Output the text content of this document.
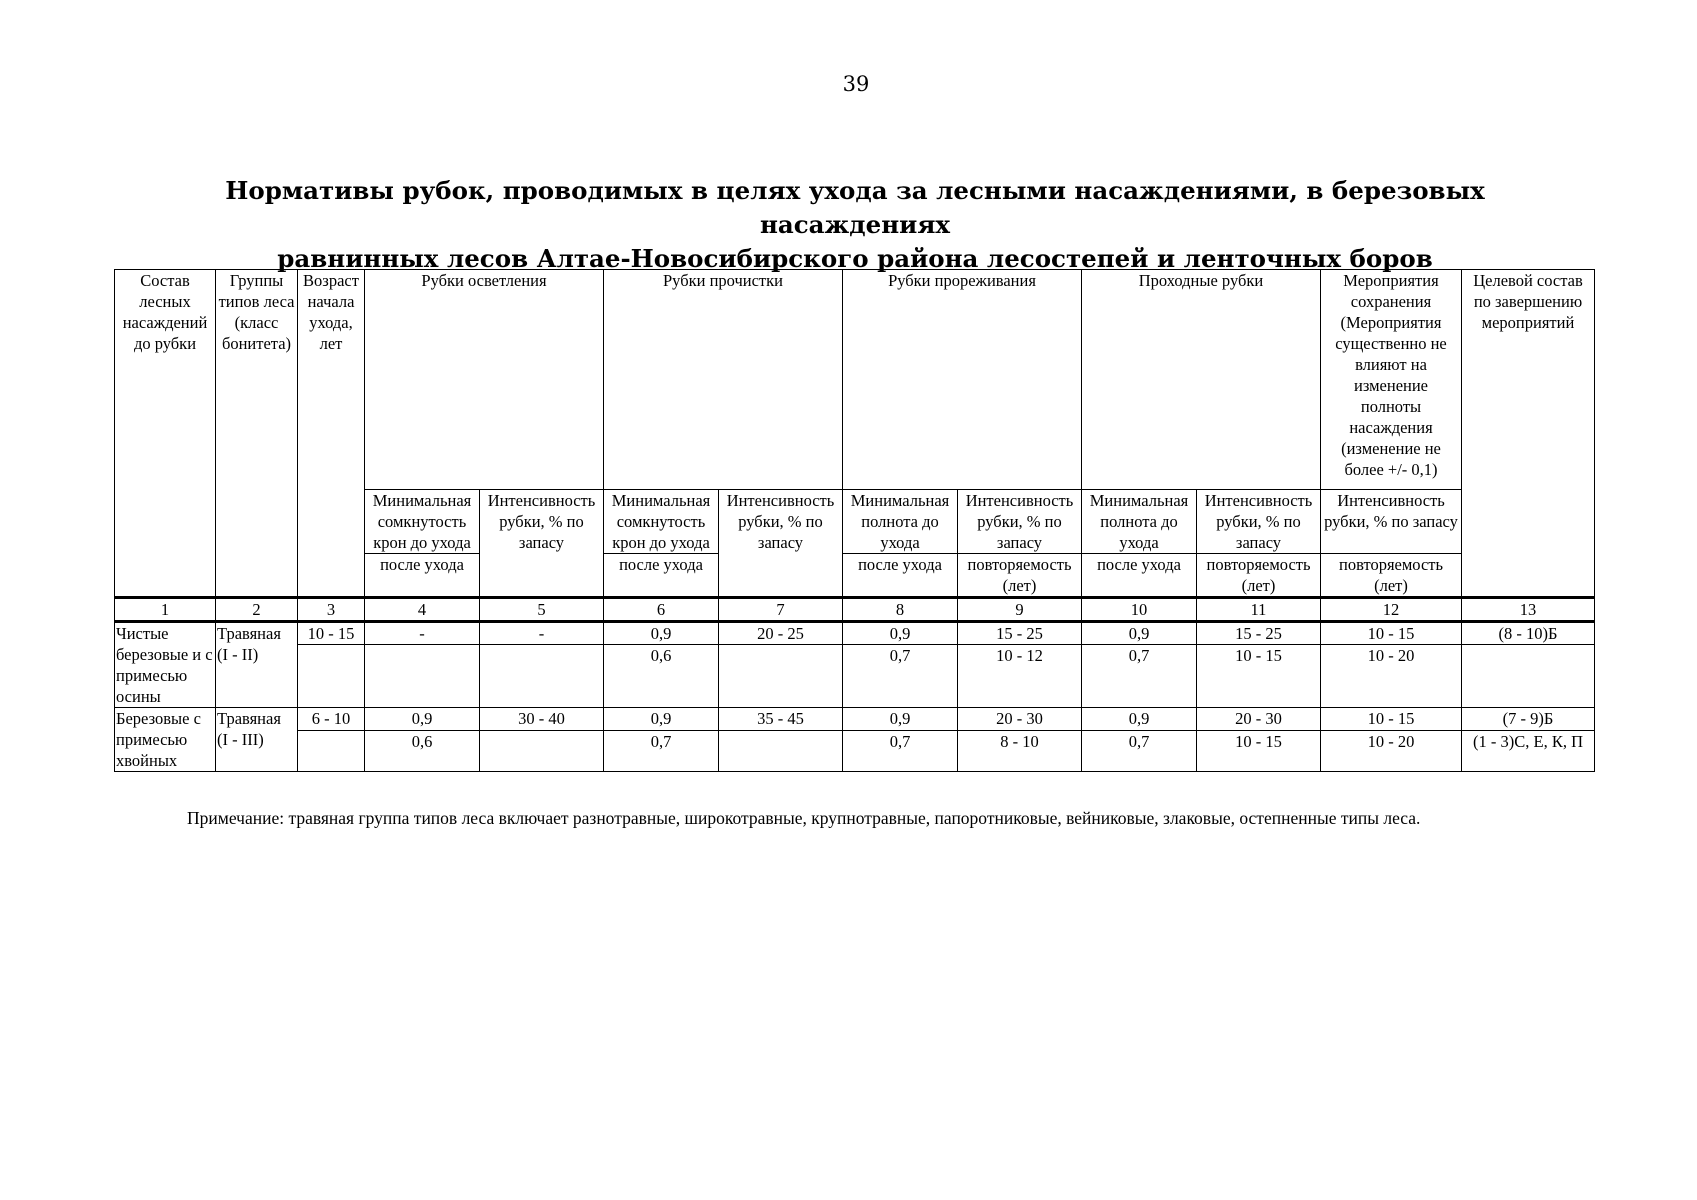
39
Нормативы рубок, проводимых в целях ухода за лесными насаждениями, в березовых насаждениях
равнинных лесов Алтае-Новосибирского района лесостепей и ленточных боров
Состав лесных насаждений до рубки	Группы типов леса (класс бонитета)	Возраст начала ухода, лет	Рубки осветления		Рубки прочистки		Рубки прореживания		Проходные рубки		Мероприятия сохранения (Мероприятия существенно не влияют на изменение полноты насаждения (изменение не более +/- 0,1)	Целевой состав по завершению мероприятий
			Минимальная сомкнутость крон до ухода	Интенсивность рубки, % по запасу	Минимальная сомкнутость крон до ухода	Интенсивность рубки, % по запасу	Минимальная полнота до ухода	Интенсивность рубки, % по запасу	Минимальная полнота до ухода	Интенсивность рубки, % по запасу	Интенсивность рубки, % по запасу	
			после ухода		после ухода		после ухода	повторяемость (лет)	после ухода	повторяемость (лет)	повторяемость (лет)	
1	2	3	4	5	6	7	8	9	10	11	12	13
Чистые березовые и с примесью осины	Травяная (I - II)	10 - 15	-	-	0,9	20 - 25	0,9	15 - 25	0,9	15 - 25	10 - 15	(8 - 10)Б
					0,6		0,7	10 - 12	0,7	10 - 15	10 - 20	
Березовые с примесью хвойных	Травяная (I - III)	6 - 10	0,9	30 - 40	0,9	35 - 45	0,9	20 - 30	0,9	20 - 30	10 - 15	(7 - 9)Б
			0,6		0,7		0,7	8 - 10	0,7	10 - 15	10 - 20	(1 - 3)С, Е, К, П

Примечание: травяная группа типов леса включает разнотравные, широкотравные, крупнотравные, папоротниковые, вейниковые, злаковые, остепненные типы леса.
